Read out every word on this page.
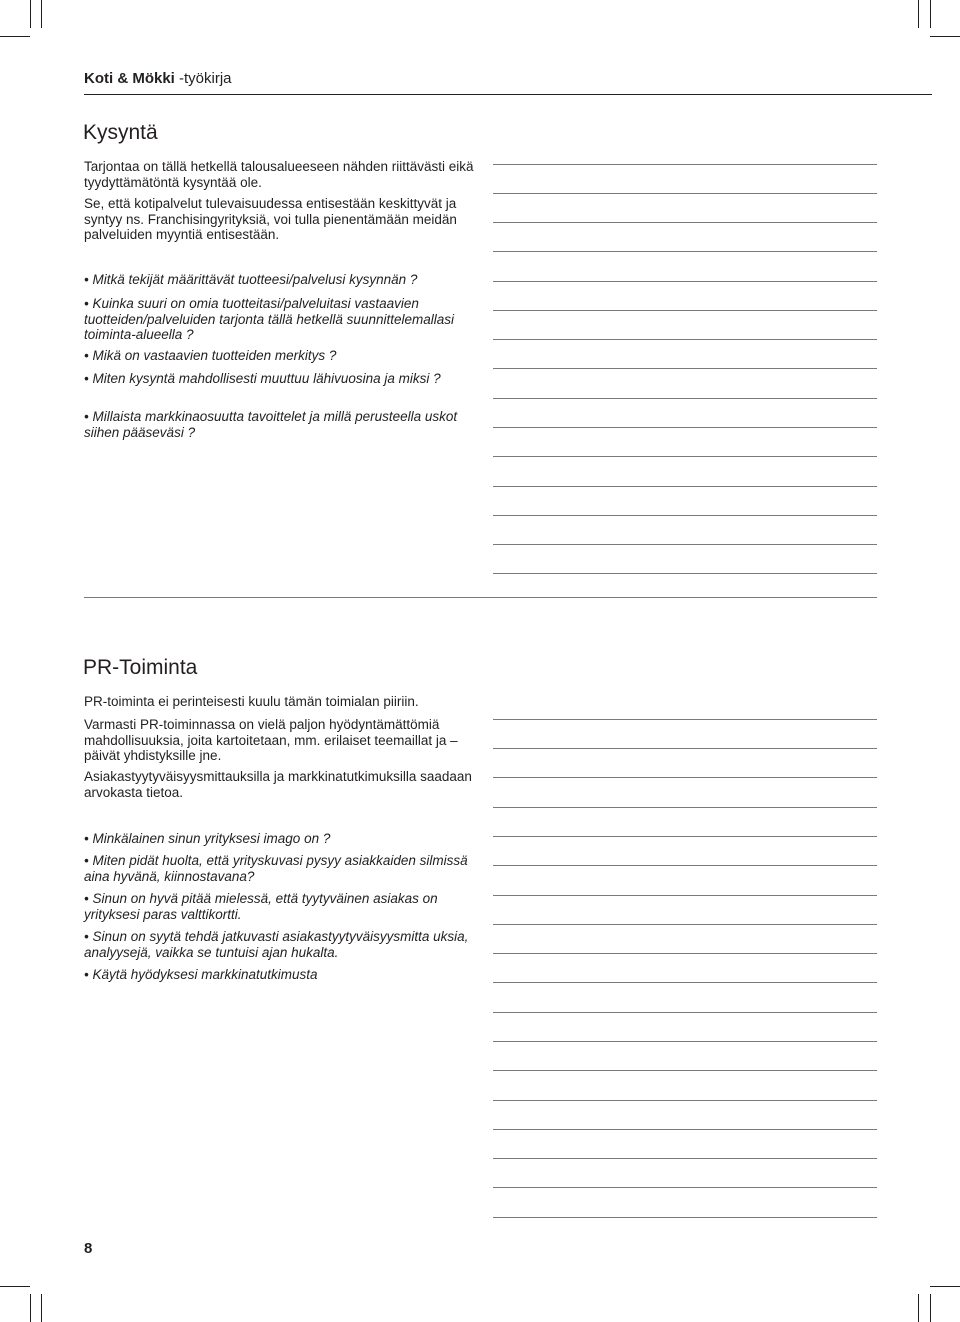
Koti & Mökki -työkirja
Kysyntä

Tarjontaa on tällä hetkellä talousalueeseen nähden riittävästi eikä tyydyttämätöntä kysyntää ole.

Se, että kotipalvelut tulevaisuudessa entisestään keskittyvät ja syntyy ns. Franchisingyrityksiä, voi tulla pienentämään meidän palveluiden myyntiä entisestään.

• Mitkä tekijät määrittävät tuotteesi/palvelusi kysynnän ?
• Kuinka suuri on omia tuotteitasi/palveluitasi vastaavien tuotteiden/palveluiden tarjonta tällä hetkellä suunnittelemallasi toiminta-alueella ?
• Mikä on vastaavien tuotteiden merkitys ?
• Miten kysyntä mahdollisesti muuttuu lähivuosina ja miksi ?
• Millaista markkinaosuutta tavoittelet ja millä perusteella uskot siihen pääseväsi ?
PR-Toiminta

PR-toiminta ei perinteisesti kuulu tämän toimialan piiriin.

Varmasti PR-toiminnassa on vielä paljon hyödyntämättömiä mahdollisuuksia, joita kartoitetaan, mm. erilaiset teemaillat ja –päivät yhdistyksille jne.

Asiakastyytyväisyysmittauksilla ja markkinatutkimuksilla saadaan arvokasta tietoa.

• Minkälainen sinun yrityksesi imago on ?
• Miten pidät huolta, että yrityskuvasi pysyy asiakkaiden silmissä aina hyvänä, kiinnostavana?
• Sinun on hyvä pitää mielessä, että tyytyväinen asiakas on yrityksesi paras valttikortti.
• Sinun on syytä tehdä jatkuvasti asiakastyytyväisyysmitta uksia, analyysejä, vaikka se tuntuisi ajan hukalta.
• Käytä hyödyksesi markkinatutkimusta
8
